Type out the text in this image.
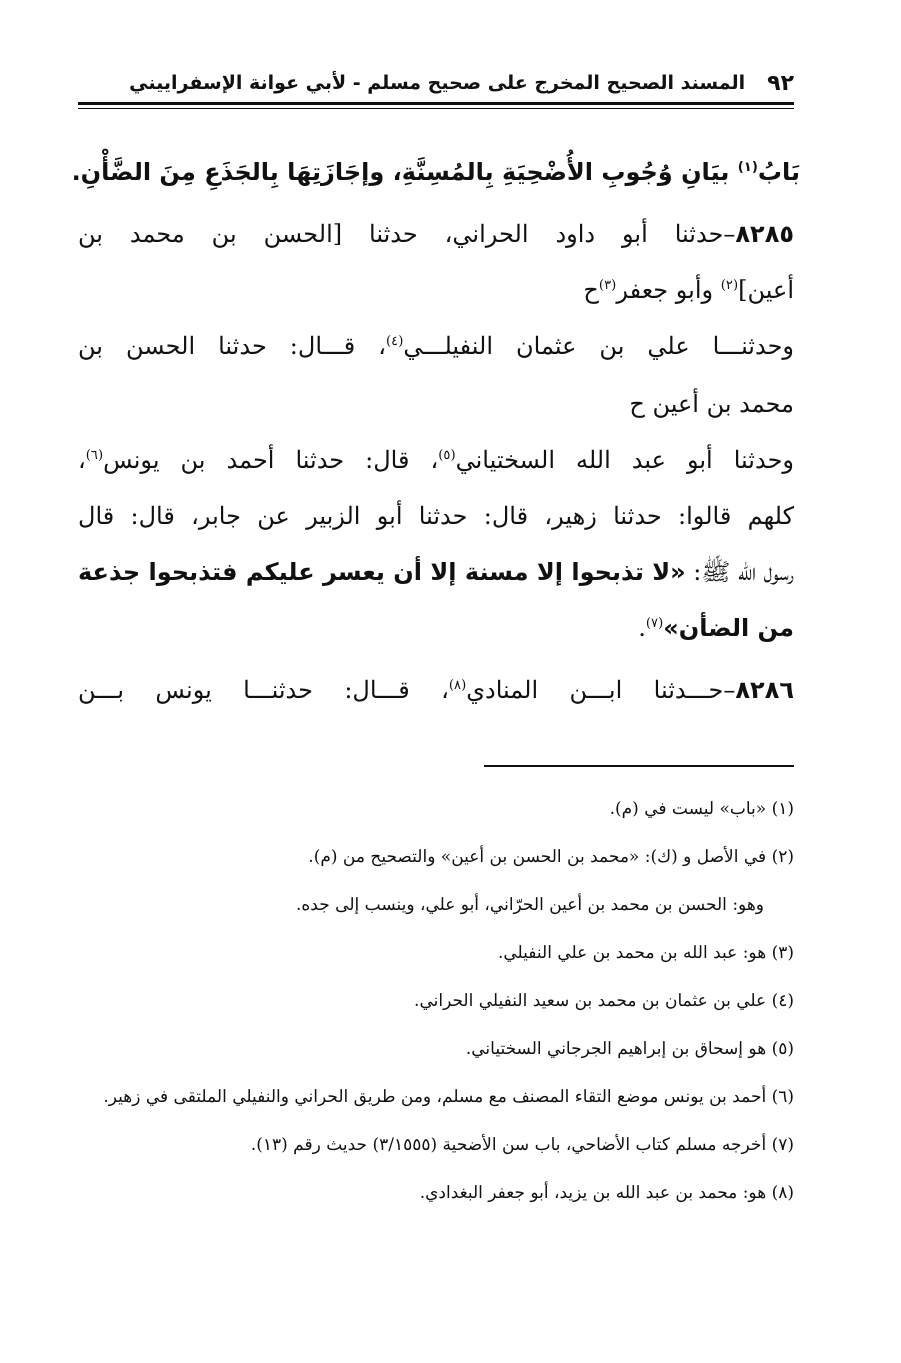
٩٢
المسند الصحيح المخرج على صحيح مسلم - لأبي عوانة الإسفراييني
بَابُ$^{(١)}$ بيَانِ وُجُوبِ الأُضْحِيَةِ بِالمُسِنَّةِ، وإجَازَتِهَا بِالجَذَعِ مِنَ الضَّأْنِ.
٨٢٨٥–حدثنا أبو داود الحراني، حدثنا [الحسن بن محمد بن
أعين]$^{(٢)}$ وأبو جعفر$^{(٣)}$ح
وحدثنـــا علي بن عثمان النفيلـــي$^{(٤)}$، قـــال: حدثنا الحسن بن
محمد بن أعين ح
وحدثنا أبو عبد الله السختياني$^{(٥)}$، قال: حدثنا أحمد بن يونس$^{(٦)}$،
كلهم قالوا: حدثنا زهير، قال: حدثنا أبو الزبير عن جابر، قال: قال
رسول الله ﷺ: «لا تذبحوا إلا مسنة إلا أن يعسر عليكم فتذبحوا جذعة
من الضأن»$^{(٧)}$.
٨٢٨٦–حـــدثنا ابـــن المنادي$^{(٨)}$، قـــال: حدثنـــا يونس بـــن
(١) «باب» ليست في (م).
(٢) في الأصل و (ك): «محمد بن الحسن بن أعين» والتصحيح من (م).
وهو: الحسن بن محمد بن أعين الحرّاني، أبو علي، وينسب إلى جده.
(٣) هو: عبد الله بن محمد بن علي النفيلي.
(٤) علي بن عثمان بن محمد بن سعيد النفيلي الحراني.
(٥) هو إسحاق بن إبراهيم الجرجاني السختياني.
(٦) أحمد بن يونس موضع التقاء المصنف مع مسلم، ومن طريق الحراني والنفيلي الملتقى في زهير.
(٧) أخرجه مسلم كتاب الأضاحي، باب سن الأضحية (٣/١٥٥٥) حديث رقم (١٣).
(٨) هو: محمد بن عبد الله بن يزيد، أبو جعفر البغدادي.
